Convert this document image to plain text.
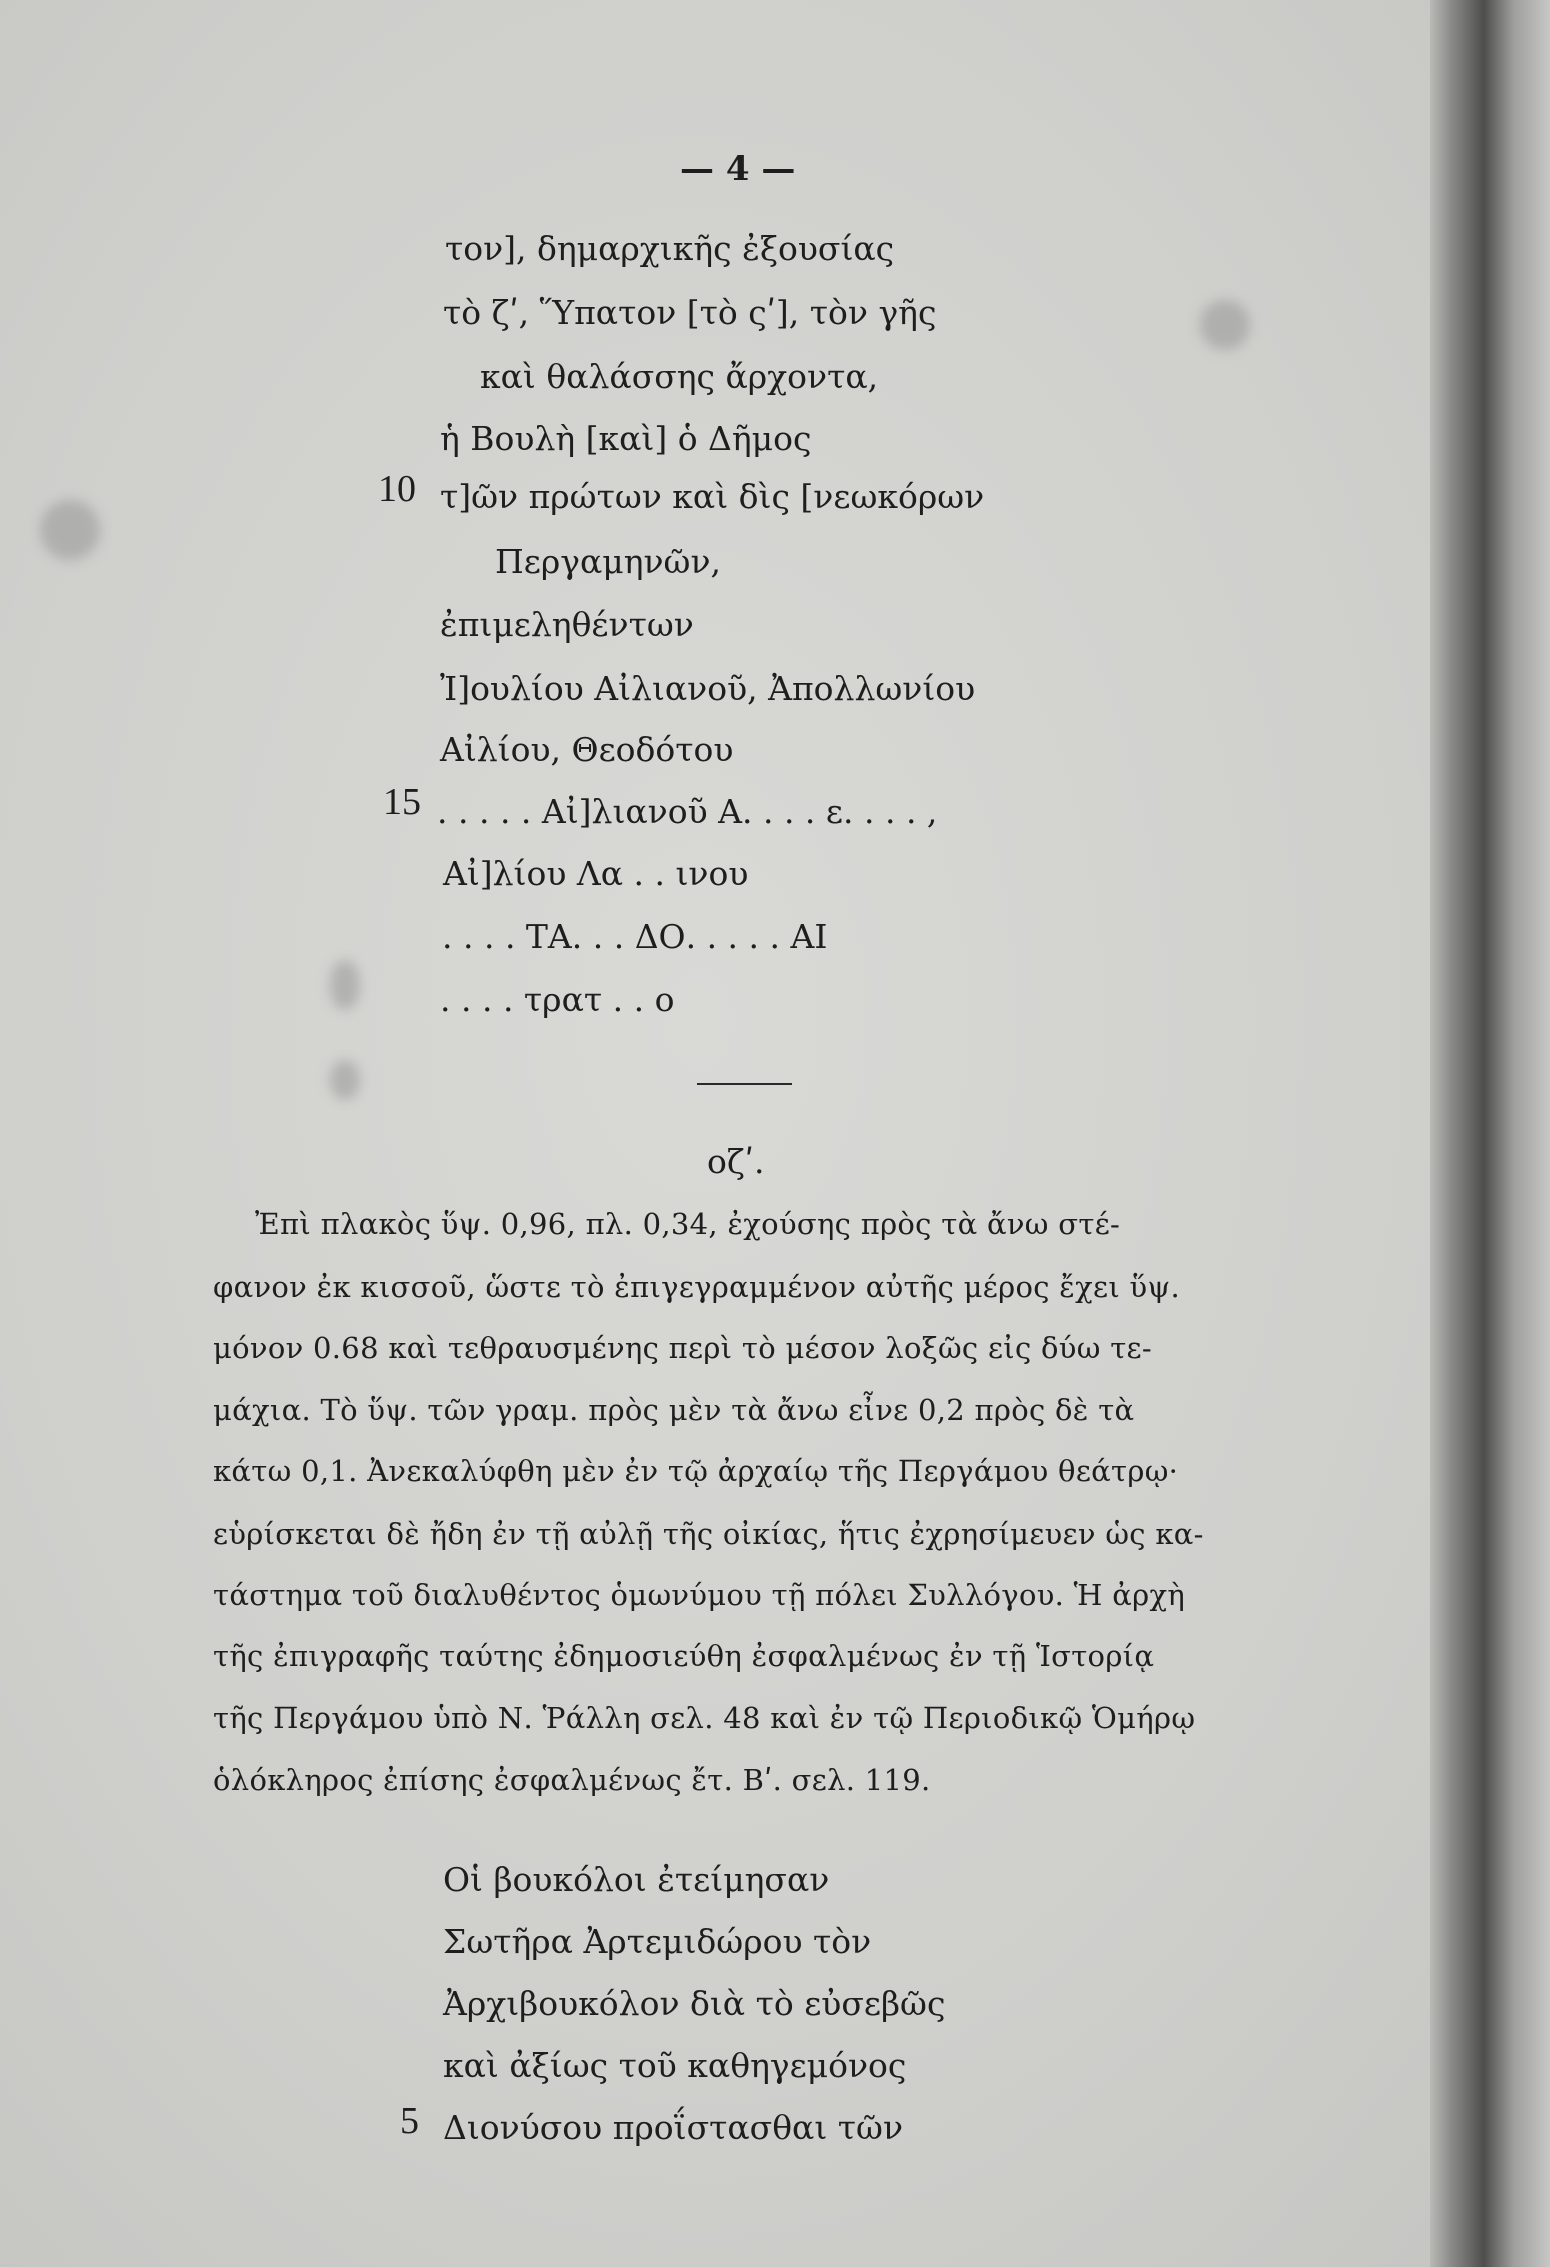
— 4 —
τον], δημαρχικῆς ἐξουσίας
τὸ ζʹ, Ὕπατον [τὸ ςʹ], τὸν γῆς
καὶ θαλάσσης ἄρχοντα,
ἡ Βουλὴ [καὶ] ὁ Δῆμος
10 τ]ῶν πρώτων καὶ δὶς [νεωκόρων
Περγαμηνῶν,
ἐπιμεληθέντων
Ἰ]ουλίου Αἰλιανοῦ, Ἀπολλωνίου
Αἰλίου, Θεοδότου
15 . . . . . Αἰ]λιανοῦ Α. . . . ε. . . . ,
Αἰ]λίου Λα . . ινου
. . . . ΤΑ. . . ΔΟ. . . . . ΑΙ
. . . . τρατ . . ο
οζʹ.
Ἐπὶ πλακὸς ὕψ. 0,96, πλ. 0,34, ἐχούσης πρὸς τὰ ἄνω στέ-
φανον ἐκ κισσοῦ, ὥστε τὸ ἐπιγεγραμμένον αὐτῆς μέρος ἔχει ὕψ.
μόνον 0.68 καὶ τεθραυσμένης περὶ τὸ μέσον λοξῶς εἰς δύω τε-
μάχια. Τὸ ὕψ. τῶν γραμ. πρὸς μὲν τὰ ἄνω εἶνε 0,2 πρὸς δὲ τὰ
κάτω 0,1. Ἀνεκαλύφθη μὲν ἐν τῷ ἀρχαίῳ τῆς Περγάμου θεάτρῳ·
εὑρίσκεται δὲ ἤδη ἐν τῇ αὐλῇ τῆς οἰκίας, ἥτις ἐχρησίμευεν ὡς κα-
τάστημα τοῦ διαλυθέντος ὁμωνύμου τῇ πόλει Συλλόγου. Ἡ ἀρχὴ
τῆς ἐπιγραφῆς ταύτης ἐδημοσιεύθη ἐσφαλμένως ἐν τῇ Ἱστορίᾳ
τῆς Περγάμου ὑπὸ Ν. Ῥάλλη σελ. 48 καὶ ἐν τῷ Περιοδικῷ Ὁμήρῳ
ὁλόκληρος ἐπίσης ἐσφαλμένως ἔτ. Βʹ. σελ. 119.
Οἱ βουκόλοι ἐτείμησαν
Σωτῆρα Ἀρτεμιδώρου τὸν
Ἀρχιβουκόλον διὰ τὸ εὐσεβῶς
καὶ ἀξίως τοῦ καθηγεμόνος
5 Διονύσου προΐστασθαι τῶν
